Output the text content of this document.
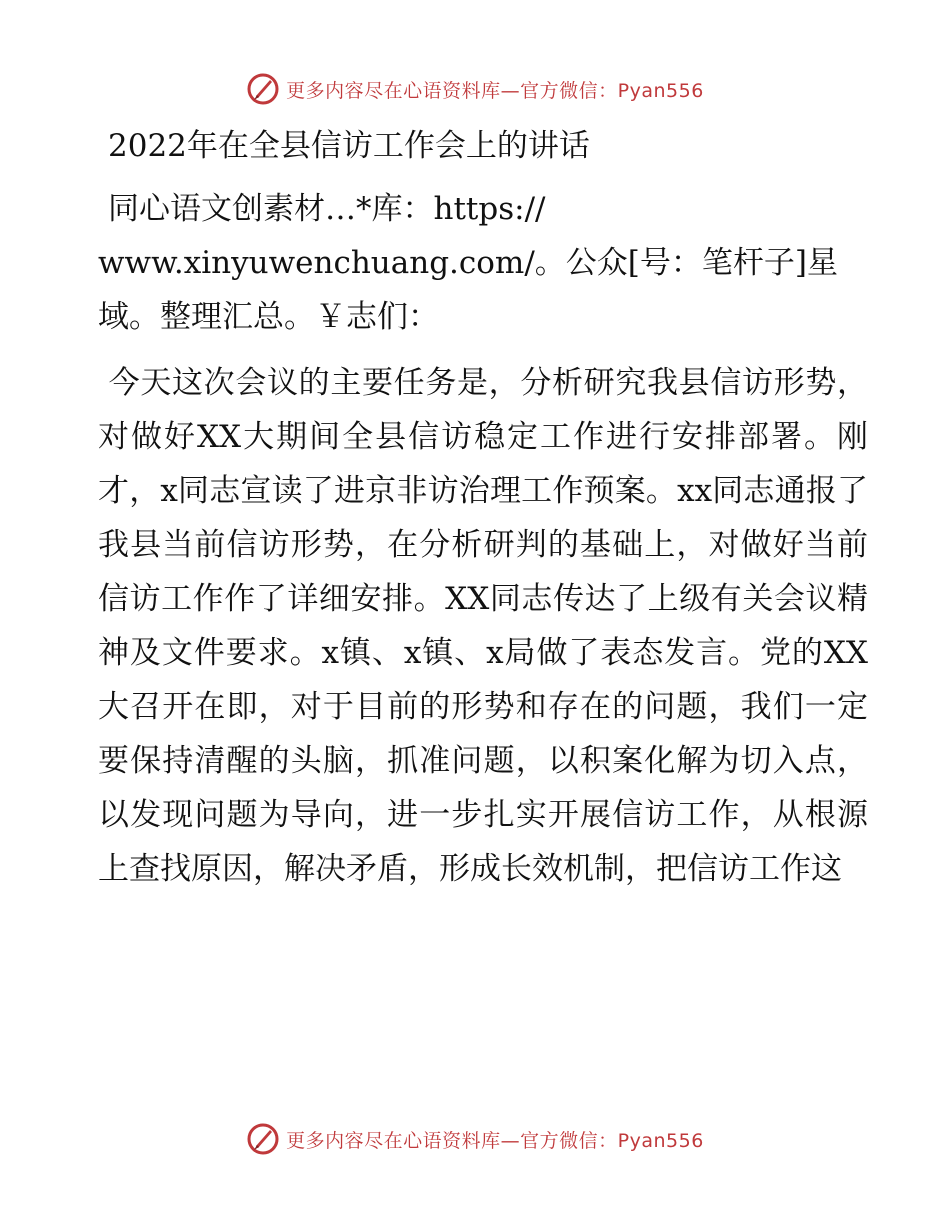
更多内容尽在心语资料库—官方微信：Pyan556
2022年在全县信访工作会上的讲话

同心语文创素材…*库：https://
www.xinyuwenchuang.com/。公众[号：笔杆子]星
域。整理汇总。￥志们：

今天这次会议的主要任务是，分析研究我县信访形势，对做好XX大期间全县信访稳定工作进行安排部署。刚才，x同志宣读了进京非访治理工作预案。xx同志通报了我县当前信访形势，在分析研判的基础上，对做好当前信访工作作了详细安排。XX同志传达了上级有关会议精神及文件要求。x镇、x镇、x局做了表态发言。党的XX大召开在即，对于目前的形势和存在的问题，我们一定要保持清醒的头脑，抓准问题，以积案化解为切入点，以发现问题为导向，进一步扎实开展信访工作，从根源上查找原因，解决矛盾，形成长效机制，把信访工作这

更多内容尽在心语资料库—官方微信：Pyan556
